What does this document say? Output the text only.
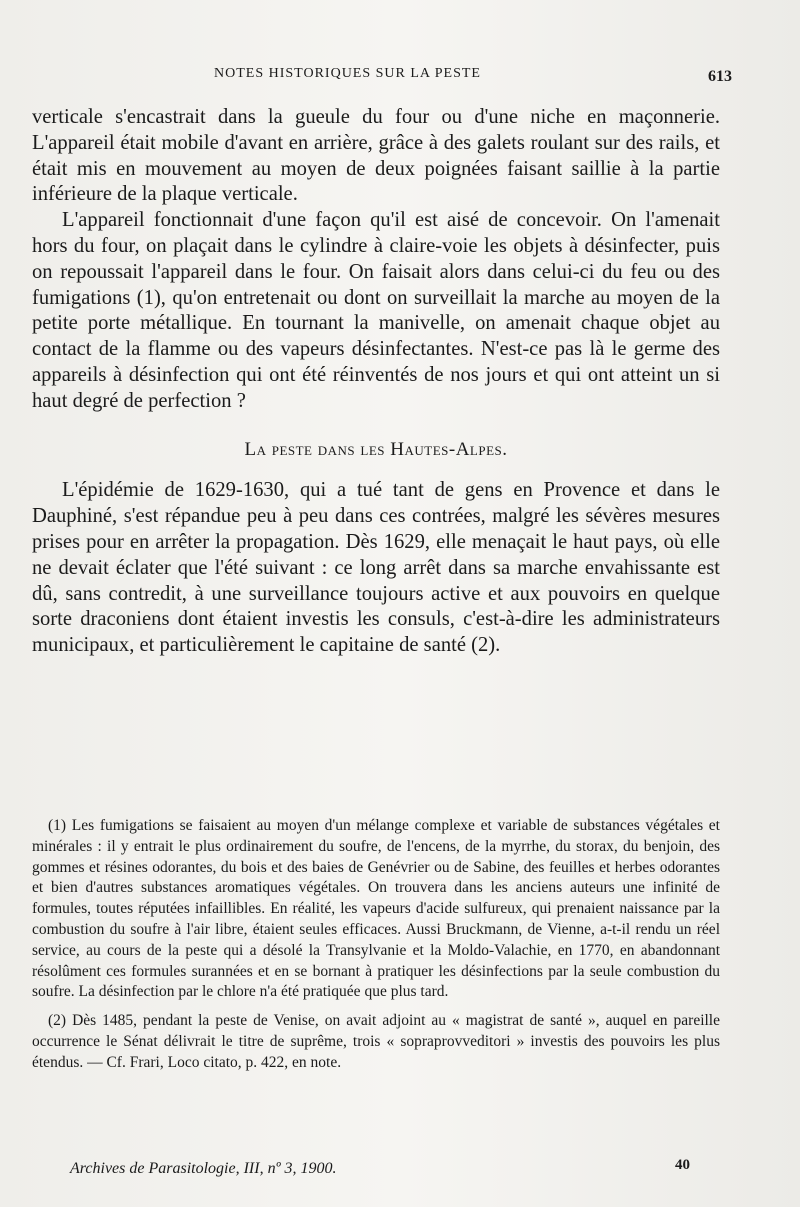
NOTES HISTORIQUES SUR LA PESTE	613

verticale s'encastrait dans la gueule du four ou d'une niche en maçonnerie. L'appareil était mobile d'avant en arrière, grâce à des galets roulant sur des rails, et était mis en mouvement au moyen de deux poignées faisant saillie à la partie inférieure de la plaque verticale.

L'appareil fonctionnait d'une façon qu'il est aisé de concevoir. On l'amenait hors du four, on plaçait dans le cylindre à claire-voie les objets à désinfecter, puis on repoussait l'appareil dans le four. On faisait alors dans celui-ci du feu ou des fumigations (1), qu'on entretenait ou dont on surveillait la marche au moyen de la petite porte métallique. En tournant la manivelle, on amenait chaque objet au contact de la flamme ou des vapeurs désinfectantes. N'est-ce pas là le germe des appareils à désinfection qui ont été réinventés de nos jours et qui ont atteint un si haut degré de perfection ?

La peste dans les Hautes-Alpes.

L'épidémie de 1629-1630, qui a tué tant de gens en Provence et dans le Dauphiné, s'est répandue peu à peu dans ces contrées, malgré les sévères mesures prises pour en arrêter la propagation. Dès 1629, elle menaçait le haut pays, où elle ne devait éclater que l'été suivant : ce long arrêt dans sa marche envahissante est dû, sans contredit, à une surveillance toujours active et aux pouvoirs en quelque sorte draconiens dont étaient investis les consuls, c'est-à-dire les administrateurs municipaux, et particulièrement le capitaine de santé (2).

(1) Les fumigations se faisaient au moyen d'un mélange complexe et variable de substances végétales et minérales : il y entrait le plus ordinairement du soufre, de l'encens, de la myrrhe, du storax, du benjoin, des gommes et résines odorantes, du bois et des baies de Genévrier ou de Sabine, des feuilles et herbes odorantes et bien d'autres substances aromatiques végétales. On trouvera dans les anciens auteurs une infinité de formules, toutes réputées infaillibles. En réalité, les vapeurs d'acide sulfureux, qui prenaient naissance par la combustion du soufre à l'air libre, étaient seules efficaces. Aussi Bruckmann, de Vienne, a-t-il rendu un réel service, au cours de la peste qui a désolé la Transylvanie et la Moldo-Valachie, en 1770, en abandonnant résolûment ces formules surannées et en se bornant à pratiquer les désinfections par la seule combustion du soufre. La désinfection par le chlore n'a été pratiquée que plus tard.

(2) Dès 1485, pendant la peste de Venise, on avait adjoint au « magistrat de santé », auquel en pareille occurrence le Sénat délivrait le titre de suprême, trois « sopraprovveditori » investis des pouvoirs les plus étendus. — Cf. Frari, Loco citato, p. 422, en note.

Archives de Parasitologie, III, nº 3, 1900.	40
